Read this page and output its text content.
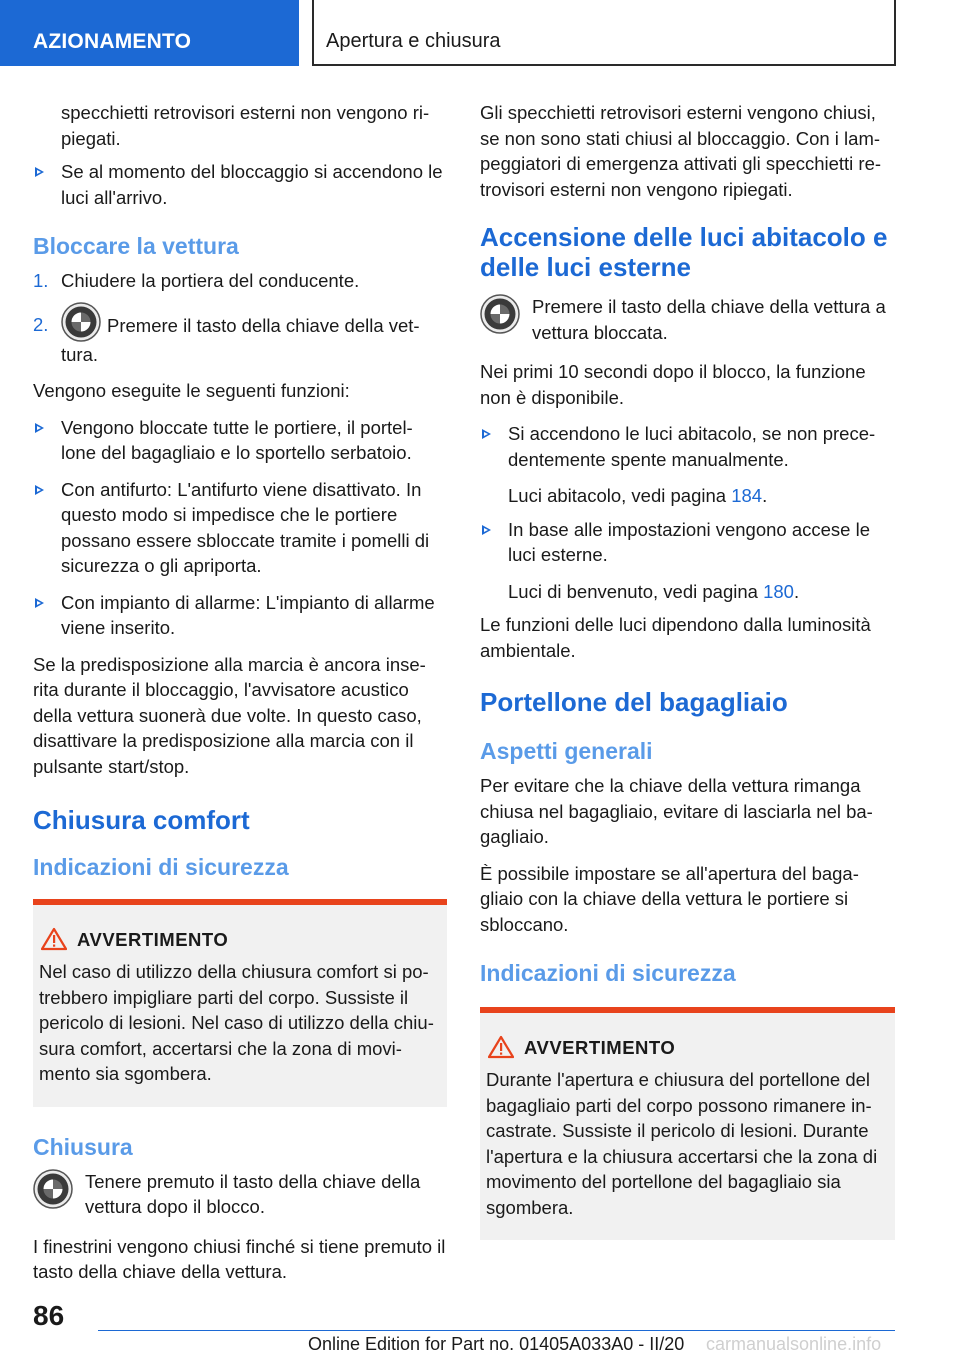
AZIONAMENTO	Apertura e chiusura

specchietti retrovisori esterni non vengono ri-piegati.

Se al momento del bloccaggio si accendono le luci all'arrivo.
Bloccare la vettura
1. Chiudere la portiera del conducente.
2.	Premere il tasto della chiave della vet-tura.

Vengono eseguite le seguenti funzioni:

Vengono bloccate tutte le portiere, il portel-lone del bagagliaio e lo sportello serbatoio.
Con antifurto: L'antifurto viene disattivato. In questo modo si impedisce che le portiere possano essere sbloccate tramite i pomelli di sicurezza o gli apriporta.
Con impianto di allarme: L'impianto di allarme viene inserito.

Se la predisposizione alla marcia è ancora inse-rita durante il bloccaggio, l'avvisatore acustico della vettura suonerà due volte. In questo caso, disattivare la predisposizione alla marcia con il pulsante start/stop.

Chiusura comfort
Indicazioni di sicurezza
AVVERTIMENTO
Nel caso di utilizzo della chiusura comfort si po-trebbero impigliare parti del corpo. Sussiste il pericolo di lesioni. Nel caso di utilizzo della chiu-sura comfort, accertarsi che la zona di movi-mento sia sgombera.
Chiusura

Tenere premuto il tasto della chiave della vettura dopo il blocco.

I finestrini vengono chiusi finché si tiene premuto il tasto della chiave della vettura.

Gli specchietti retrovisori esterni vengono chiusi, se non sono stati chiusi al bloccaggio. Con i lam-peggiatori di emergenza attivati gli specchietti re-trovisori esterni non vengono ripiegati.

Accensione delle luci abitacolo e delle luci esterne

Premere il tasto della chiave della vettura a vettura bloccata.

Nei primi 10 secondi dopo il blocco, la funzione non è disponibile.

Si accendono le luci abitacolo, se non prece-dentemente spente manualmente.

Luci abitacolo, vedi pagina 184.

In base alle impostazioni vengono accese le luci esterne.

Luci di benvenuto, vedi pagina 180.

Le funzioni delle luci dipendono dalla luminosità ambientale.

Portellone del bagagliaio
Aspetti generali

Per evitare che la chiave della vettura rimanga chiusa nel bagagliaio, evitare di lasciarla nel ba-gagliaio.

È possibile impostare se all'apertura del baga-gliaio con la chiave della vettura le portiere si sbloccano.

Indicazioni di sicurezza
AVVERTIMENTO
Durante l'apertura e chiusura del portellone del bagagliaio parti del corpo possono rimanere in-castrate. Sussiste il pericolo di lesioni. Durante l'apertura e la chiusura accertarsi che la zona di movimento del portellone del bagagliaio sia sgombera.
86
Online Edition for Part no. 01405A033A0 - II/20	carmanualsonline.info
